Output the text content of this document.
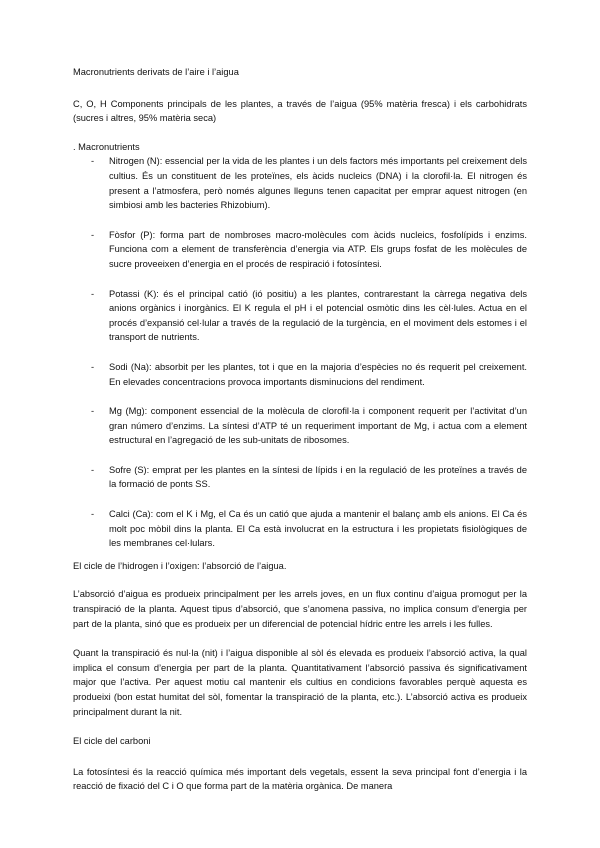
Macronutrients derivats de l’aire i l’aigua

C, O, H Components principals de les plantes, a través de l’aigua (95% matèria fresca) i els carbohidrats (sucres i altres, 95% matèria seca)

. Macronutrients

- Nitrogen (N): essencial per la vida de les plantes i un dels factors més importants pel creixement dels cultius. És un constituent de les proteïnes, els àcids nucleics (DNA) i la clorofil·la. El nitrogen és present a l’atmosfera, però només algunes lleguns tenen capacitat per emprar aquest nitrogen (en simbiosi amb les bacteries Rhizobium).

- Fòsfor (P): forma part de nombroses macro-molècules com àcids nucleics, fosfolípids i enzims. Funciona com a element de transferència d’energia via ATP. Els grups fosfat de les molècules de sucre proveeixen d’energia en el procés de respiració i fotosíntesi.

- Potassi (K): és el principal catió (ió positiu) a les plantes, contrarestant la càrrega negativa dels anions orgànics i inorgànics. El K regula el pH i el potencial osmòtic dins les cèl·lules. Actua en el procés d’expansió cel·lular a través de la regulació de la turgència, en el moviment dels estomes i el transport de nutrients.

- Sodi (Na): absorbit per les plantes, tot i que en la majoria d’espècies no és requerit pel creixement. En elevades concentracions provoca importants disminucions del rendiment.

- Mg (Mg): component essencial de la molècula de clorofil·la i component requerit per l’activitat d’un gran número d’enzims. La síntesi d’ATP té un requeriment important de Mg, i actua com a element estructural en l’agregació de les sub-unitats de ribosomes.

- Sofre (S): emprat per les plantes en la síntesi de lípids i en la regulació de les proteïnes a través de la formació de ponts SS.

- Calci (Ca): com el K i Mg, el Ca és un catió que ajuda a mantenir el balanç amb els anions. El Ca és molt poc mòbil dins la planta. El Ca està involucrat en la estructura i les propietats fisiològiques de les membranes cel·lulars.

El cicle de l’hidrogen i l’oxigen: l’absorció de l’aigua.

L’absorció d’aigua es produeix principalment per les arrels joves, en un flux continu d’aigua promogut per la transpiració de la planta. Aquest tipus d’absorció, que s’anomena passiva, no implica consum d’energia per part de la planta, sinó que es produeix per un diferencial de potencial hídric entre les arrels i les fulles.

Quant la transpiració és nul·la (nit) i l’aigua disponible al sòl és elevada es produeix l’absorció activa, la qual implica el consum d’energia per part de la planta. Quantitativament l’absorció passiva és significativament major que l’activa. Per aquest motiu cal mantenir els cultius en condicions favorables perquè aquesta es produeixi (bon estat humitat del sòl, fomentar la transpiració de la planta, etc.). L’absorció activa es produeix principalment durant la nit.

El cicle del carboni

La fotosíntesi és la reacció química més important dels vegetals, essent la seva principal font d’energia i la reacció de fixació del C i O que forma part de la matèria orgànica. De manera
